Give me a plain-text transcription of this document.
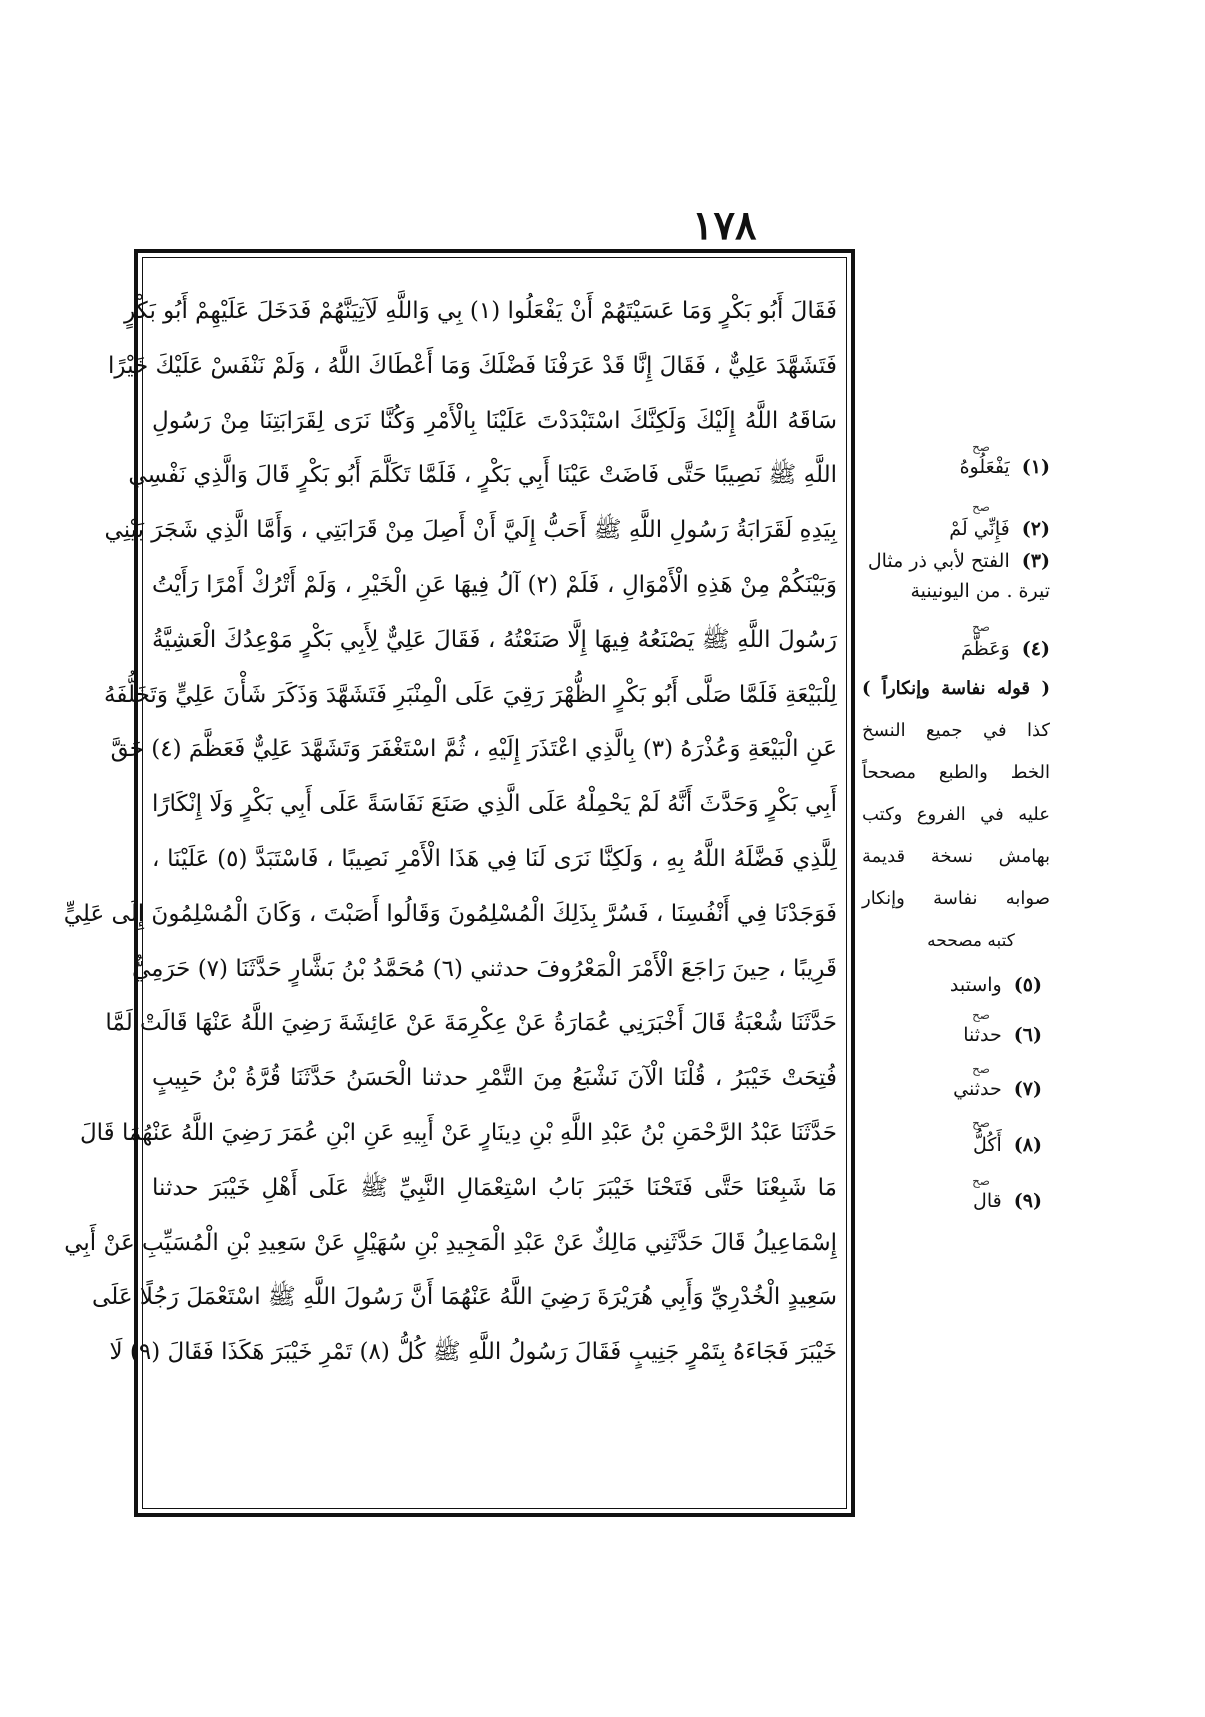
١٧٨
فَقَالَ أَبُو بَكْرٍ وَمَا عَسَيْتَهُمْ أَنْ يَفْعَلُوا (١) بِي وَاللَّهِ لَآتِيَنَّهُمْ فَدَخَلَ عَلَيْهِمْ أَبُو بَكْرٍ
فَتَشَهَّدَ عَلِيٌّ ، فَقَالَ إِنَّا قَدْ عَرَفْنَا فَضْلَكَ وَمَا أَعْطَاكَ اللَّهُ ، وَلَمْ نَنْفَسْ عَلَيْكَ خَيْرًا
سَاقَهُ اللَّهُ إِلَيْكَ وَلَكِنَّكَ اسْتَبْدَدْتَ عَلَيْنَا بِالْأَمْرِ وَكُنَّا نَرَى لِقَرَابَتِنَا مِنْ رَسُولِ
اللَّهِ ﷺ نَصِيبًا حَتَّى فَاضَتْ عَيْنَا أَبِي بَكْرٍ ، فَلَمَّا تَكَلَّمَ أَبُو بَكْرٍ قَالَ وَالَّذِي نَفْسِي
بِيَدِهِ لَقَرَابَةُ رَسُولِ اللَّهِ ﷺ أَحَبُّ إِلَيَّ أَنْ أَصِلَ مِنْ قَرَابَتِي ، وَأَمَّا الَّذِي شَجَرَ بَيْنِي
وَبَيْنَكُمْ مِنْ هَذِهِ الْأَمْوَالِ ، فَلَمْ (٢) آلُ فِيهَا عَنِ الْخَيْرِ ، وَلَمْ أَتْرُكْ أَمْرًا رَأَيْتُ
رَسُولَ اللَّهِ ﷺ يَصْنَعُهُ فِيهَا إِلَّا صَنَعْتُهُ ، فَقَالَ عَلِيٌّ لِأَبِي بَكْرٍ مَوْعِدُكَ الْعَشِيَّةُ
لِلْبَيْعَةِ فَلَمَّا صَلَّى أَبُو بَكْرٍ الظُّهْرَ رَقِيَ عَلَى الْمِنْبَرِ فَتَشَهَّدَ وَذَكَرَ شَأْنَ عَلِيٍّ وَتَخَلُّفَهُ
عَنِ الْبَيْعَةِ وَعُذْرَهُ (٣) بِالَّذِي اعْتَذَرَ إِلَيْهِ ، ثُمَّ اسْتَغْفَرَ وَتَشَهَّدَ عَلِيٌّ فَعَظَّمَ (٤) حَقَّ
أَبِي بَكْرٍ وَحَدَّثَ أَنَّهُ لَمْ يَحْمِلْهُ عَلَى الَّذِي صَنَعَ نَفَاسَةً عَلَى أَبِي بَكْرٍ وَلَا إِنْكَارًا
لِلَّذِي فَضَّلَهُ اللَّهُ بِهِ ، وَلَكِنَّا نَرَى لَنَا فِي هَذَا الْأَمْرِ نَصِيبًا ، فَاسْتَبَدَّ (٥) عَلَيْنَا ،
فَوَجَدْنَا فِي أَنْفُسِنَا ، فَسُرَّ بِذَلِكَ الْمُسْلِمُونَ وَقَالُوا أَصَبْتَ ، وَكَانَ الْمُسْلِمُونَ إِلَى عَلِيٍّ
قَرِيبًا ، حِينَ رَاجَعَ الْأَمْرَ الْمَعْرُوفَ حدثني (٦) مُحَمَّدُ بْنُ بَشَّارٍ حَدَّثَنَا (٧) حَرَمِيٌّ
حَدَّثَنَا شُعْبَةُ قَالَ أَخْبَرَنِي عُمَارَةُ عَنْ عِكْرِمَةَ عَنْ عَائِشَةَ رَضِيَ اللَّهُ عَنْهَا قَالَتْ لَمَّا
فُتِحَتْ خَيْبَرُ ، قُلْنَا الْآنَ نَشْبَعُ مِنَ التَّمْرِ حدثنا الْحَسَنُ حَدَّثَنَا قُرَّةُ بْنُ حَبِيبٍ
حَدَّثَنَا عَبْدُ الرَّحْمَنِ بْنُ عَبْدِ اللَّهِ بْنِ دِينَارٍ عَنْ أَبِيهِ عَنِ ابْنِ عُمَرَ رَضِيَ اللَّهُ عَنْهُمَا قَالَ
مَا شَبِعْنَا حَتَّى فَتَحْنَا خَيْبَرَ بَابُ اسْتِعْمَالِ النَّبِيِّ ﷺ عَلَى أَهْلِ خَيْبَرَ حدثنا
إِسْمَاعِيلُ قَالَ حَدَّثَنِي مَالِكٌ عَنْ عَبْدِ الْمَجِيدِ بْنِ سُهَيْلٍ عَنْ سَعِيدِ بْنِ الْمُسَيِّبِ عَنْ أَبِي
سَعِيدٍ الْخُدْرِيِّ وَأَبِي هُرَيْرَةَ رَضِيَ اللَّهُ عَنْهُمَا أَنَّ رَسُولَ اللَّهِ ﷺ اسْتَعْمَلَ رَجُلًا عَلَى
خَيْبَرَ فَجَاءَهُ بِتَمْرٍ جَنِيبٍ فَقَالَ رَسُولُ اللَّهِ ﷺ كُلُّ (٨) تَمْرِ خَيْبَرَ هَكَذَا فَقَالَ (٩) لَا
صح
(١) يَفْعَلُوهُ
صح
(٢) فَإِنِّي لَمْ
(٣) الفتح لأبي ذر مثال تيرة . من اليونينية
صح
(٤) وَعَظَّمَ
( قوله نفاسة وإنكاراً )
كذا في جميع النسخ
الخط والطبع مصححاً
عليه في الفروع وكتب
بهامش نسخة قديمة
صوابه نفاسة وإنكار
كتبه مصححه
(٥) واستبد
صح
(٦) حدثنا
صح
(٧) حدثني
صح
(٨) أَكُلُّ
صح
(٩) قال
